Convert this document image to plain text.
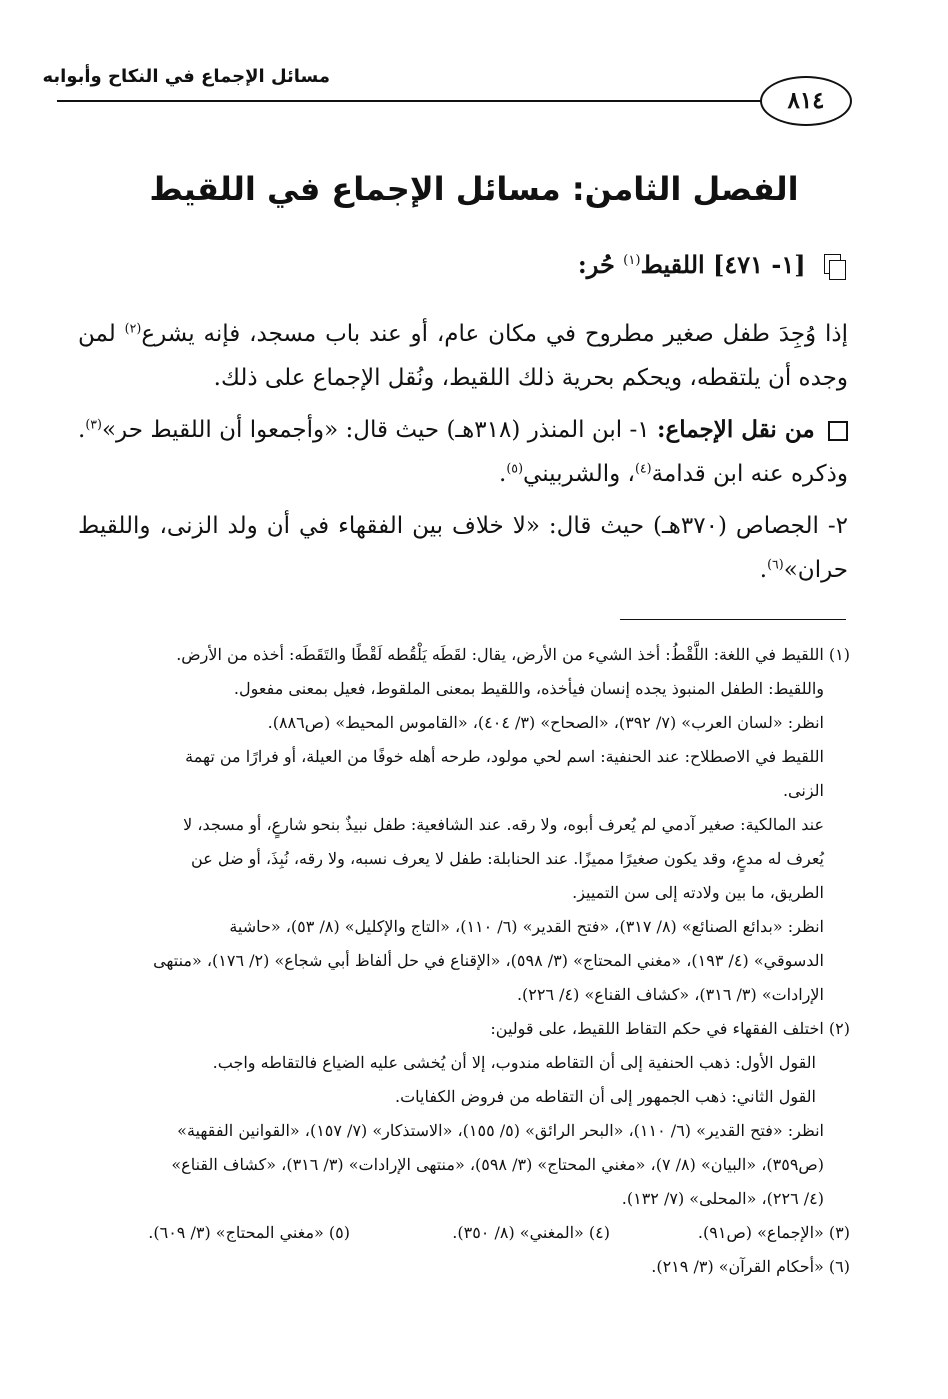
مسائل الإجماع في النكاح وأبوابه
٨١٤
الفصل الثامن: مسائل الإجماع في اللقيط
[١- ٤٧١] اللقيط$^{(١)}$ حُر:
إذا وُجِدَ طفل صغير مطروح في مكان عام، أو عند باب مسجد، فإنه يشرع$^{(٢)}$ لمن وجده أن يلتقطه، ويحكم بحرية ذلك اللقيط، ونُقل الإجماع على ذلك.
من نقل الإجماع: ١- ابن المنذر (٣١٨هـ) حيث قال: «وأجمعوا أن اللقيط حر»$^{(٣)}$. وذكره عنه ابن قدامة$^{(٤)}$، والشربيني$^{(٥)}$.
٢- الجصاص (٣٧٠هـ) حيث قال: «لا خلاف بين الفقهاء في أن ولد الزنى، واللقيط حران»$^{(٦)}$.
(١) اللقيط في اللغة: اللَّقْطُ: أخذ الشيء من الأرض، يقال: لقَطَه يَلْقُطه لَقْطًا والتَقَطَه: أخذه من الأرض.
واللقيط: الطفل المنبوذ يجده إنسان فيأخذه، واللقيط بمعنى الملقوط، فعيل بمعنى مفعول.
انظر: «لسان العرب» (٧/ ٣٩٢)، «الصحاح» (٣/ ٤٠٤)، «القاموس المحيط» (ص٨٨٦).
اللقيط في الاصطلاح: عند الحنفية: اسم لحي مولود، طرحه أهله خوفًا من العيلة، أو فرارًا من تهمة
الزنى.
عند المالكية: صغير آدمي لم يُعرف أبوه، ولا رقه. عند الشافعية: طفل نبيذٌ بنحو شارعٍ، أو مسجد، لا
يُعرف له مدعٍ، وقد يكون صغيرًا مميزًا. عند الحنابلة: طفل لا يعرف نسبه، ولا رقه، نُبِذَ، أو ضل عن
الطريق، ما بين ولادته إلى سن التمييز.
انظر: «بدائع الصنائع» (٨/ ٣١٧)، «فتح القدير» (٦/ ١١٠)، «التاج والإكليل» (٨/ ٥٣)، «حاشية
الدسوقي» (٤/ ١٩٣)، «مغني المحتاج» (٣/ ٥٩٨)، «الإقناع في حل ألفاظ أبي شجاع» (٢/ ١٧٦)، «منتهى
الإرادات» (٣/ ٣١٦)، «كشاف القناع» (٤/ ٢٢٦).
(٢) اختلف الفقهاء في حكم التقاط اللقيط، على قولين:
القول الأول: ذهب الحنفية إلى أن التقاطه مندوب، إلا أن يُخشى عليه الضياع فالتقاطه واجب.
القول الثاني: ذهب الجمهور إلى أن التقاطه من فروض الكفايات.
انظر: «فتح القدير» (٦/ ١١٠)، «البحر الرائق» (٥/ ١٥٥)، «الاستذكار» (٧/ ١٥٧)، «القوانين الفقهية»
(ص٣٥٩)، «البيان» (٨/ ٧)، «مغني المحتاج» (٣/ ٥٩٨)، «منتهى الإرادات» (٣/ ٣١٦)، «كشاف القناع»
(٤/ ٢٢٦)، «المحلى» (٧/ ١٣٢).
(٣) «الإجماع» (ص٩١).
(٤) «المغني» (٨/ ٣٥٠).
(٥) «مغني المحتاج» (٣/ ٦٠٩).
(٦) «أحكام القرآن» (٣/ ٢١٩).
